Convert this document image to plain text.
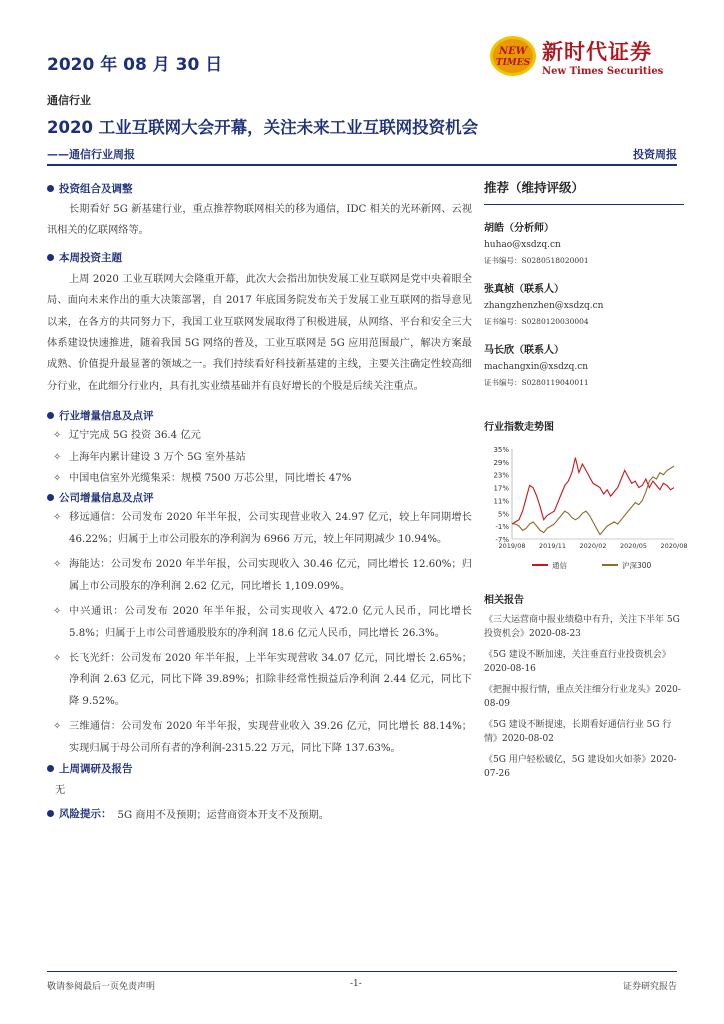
2020 年 08 月 30 日
NEW
TIMES 新时代证券
New Times Securities
通信行业
2020 工业互联网大会开幕，关注未来工业互联网投资机会
——通信行业周报	投资周报
投资组合及调整

长期看好 5G 新基建行业，重点推荐物联网相关的移为通信，IDC 相关的光环新网、云视讯相关的亿联网络等。

本周投资主题

上周 2020 工业互联网大会隆重开幕，此次大会指出加快发展工业互联网是党中央着眼全局、面向未来作出的重大决策部署，自 2017 年底国务院发布关于发展工业互联网的指导意见以来，在各方的共同努力下，我国工业互联网发展取得了积极进展，从网络、平台和安全三大体系建设快速推进，随着我国 5G 网络的普及，工业互联网是 5G 应用范围最广，解决方案最成熟、价值提升最显著的领域之一。我们持续看好科技新基建的主线，主要关注确定性较高细分行业，在此细分行业内，具有扎实业绩基础并有良好增长的个股是后续关注重点。

行业增量信息及点评
✧ 辽宁完成 5G 投资 36.4 亿元
✧ 上海年内累计建设 3 万个 5G 室外基站
✧ 中国电信室外光缆集采：规模 7500 万芯公里，同比增长 47%
公司增量信息及点评
✧ 移远通信：公司发布 2020 年半年报，公司实现营业收入 24.97 亿元，较上年同期增长 46.22%；归属于上市公司股东的净利润为 6966 万元，较上年同期减少 10.94%。
✧ 海能达：公司发布 2020 年半年报，公司实现收入 30.46 亿元，同比增长 12.60%；归属上市公司股东的净利润 2.62 亿元，同比增长 1,109.09%。
✧ 中兴通讯：公司发布 2020 年半年报，公司实现收入 472.0 亿元人民币，同比增长 5.8%；归属于上市公司普通股股东的净利润 18.6 亿元人民币，同比增长 26.3%。
✧ 长飞光纤：公司发布 2020 年半年报，上半年实现营收 34.07 亿元，同比增长 2.65%；净利润 2.63 亿元，同比下降 39.89%；扣除非经常性损益后净利润 2.44 亿元，同比下降 9.52%。
✧ 三维通信：公司发布 2020 年半年报，实现营业收入 39.26 亿元，同比增长 88.14%；实现归属于母公司所有者的净利润-2315.22 万元，同比下降 137.63%。
上周调研及报告

无

风险提示： 5G 商用不及预期；运营商资本开支不及预期。
推荐（维持评级）
胡皓（分析师）
huhao@xsdzq.cn
证书编号：S0280518020001
张真桢（联系人）
zhangzhenzhen@xsdzq.cn
证书编号：S0280120030004
马长欣（联系人）
machangxin@xsdzq.cn
证书编号：S0280119040011
行业指数走势图
35%
29%
23%
17%
11%
5%
-1%
-7%
2019/08 2019/11 2020/02 2020/05 2020/08
通信	沪深300
相关报告
《三大运营商中报业绩稳中有升，关注下半年 5G 投资机会》2020-08-23
《5G 建设不断加速，关注垂直行业投资机会》2020-08-16
《把握中报行情，重点关注细分行业龙头》2020-08-09
《5G 建设不断提速，长期看好通信行业 5G 行情》2020-08-02
《5G 用户轻松破亿，5G 建设如火如荼》2020-07-26
敬请参阅最后一页免责声明	-1-	证券研究报告
